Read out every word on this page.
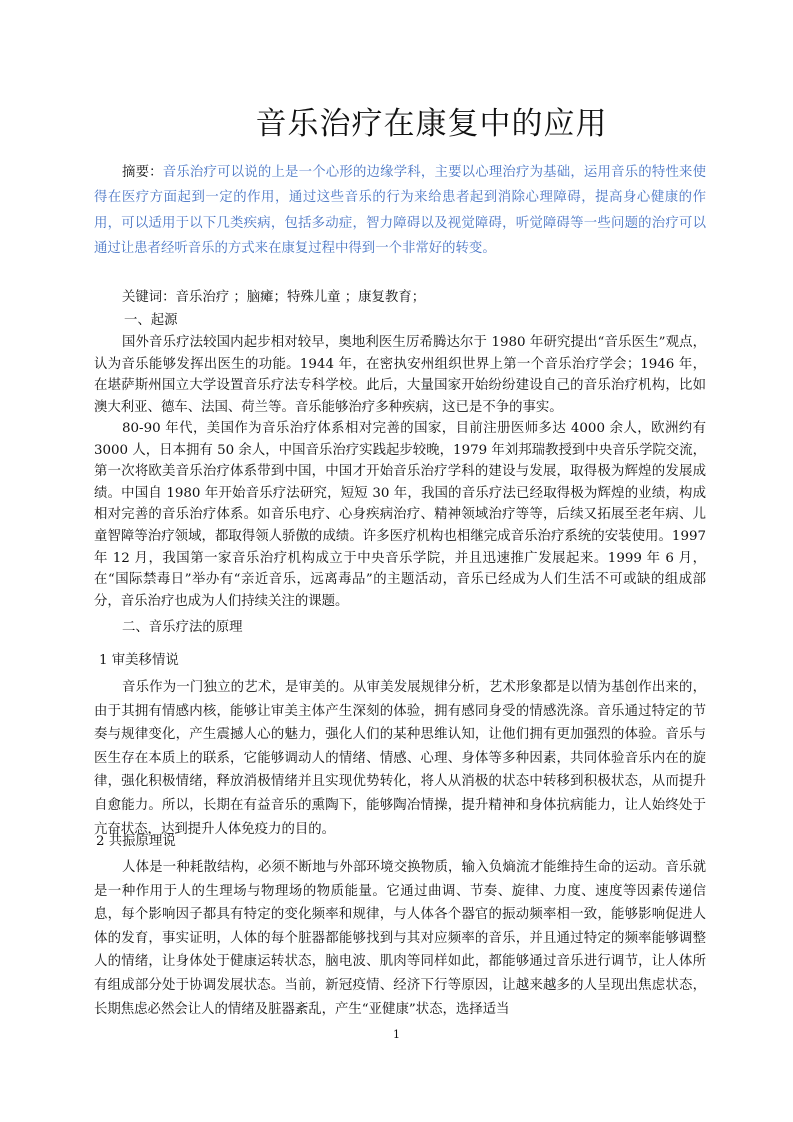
音乐治疗在康复中的应用
摘要：音乐治疗可以说的上是一个心形的边缘学科，主要以心理治疗为基础，运用音乐的特性来使得在医疗方面起到一定的作用，通过这些音乐的行为来给患者起到消除心理障碍，提高身心健康的作用，可以适用于以下几类疾病，包括多动症，智力障碍以及视觉障碍，听觉障碍等一些问题的治疗可以通过让患者经听音乐的方式来在康复过程中得到一个非常好的转变。
关键词：音乐治疗 ；脑瘫；特殊儿童 ；康复教育；
一、起源
国外音乐疗法较国内起步相对较早，奥地利医生厉希腾达尔于 1980 年研究提出“音乐医生”观点，认为音乐能够发挥出医生的功能。1944 年，在密执安州组织世界上第一个音乐治疗学会；1946 年，在堪萨斯州国立大学设置音乐疗法专科学校。此后，大量国家开始纷纷建设自己的音乐治疗机构，比如澳大利亚、德车、法国、荷兰等。音乐能够治疗多种疾病，这已是不争的事实。
80-90 年代，美国作为音乐治疗体系相对完善的国家，目前注册医师多达 4000 余人，欧洲约有 3000 人，日本拥有 50 余人，中国音乐治疗实践起步较晚，1979 年刘邦瑞教授到中央音乐学院交流，第一次将欧美音乐治疗体系带到中国，中国才开始音乐治疗学科的建设与发展，取得极为辉煌的发展成绩。中国自 1980 年开始音乐疗法研究，短短 30 年，我国的音乐疗法已经取得极为辉煌的业绩，构成相对完善的音乐治疗体系。如音乐电疗、心身疾病治疗、精神领域治疗等等，后续又拓展至老年病、儿童智障等治疗领域，都取得领人骄傲的成绩。许多医疗机构也相继完成音乐治疗系统的安装使用。1997 年 12 月，我国第一家音乐治疗机构成立于中央音乐学院，并且迅速推广发展起来。1999 年 6 月，在“国际禁毒日”举办有“亲近音乐，远离毒品”的主题活动，音乐已经成为人们生活不可或缺的组成部分，音乐治疗也成为人们持续关注的课题。
二、音乐疗法的原理
1 审美移情说
音乐作为一门独立的艺术，是审美的。从审美发展规律分析，艺术形象都是以情为基创作出来的，由于其拥有情感内核，能够让审美主体产生深刻的体验，拥有感同身受的情感洗涤。音乐通过特定的节奏与规律变化，产生震撼人心的魅力，强化人们的某种思维认知，让他们拥有更加强烈的体验。音乐与医生存在本质上的联系，它能够调动人的情绪、情感、心理、身体等多种因素，共同体验音乐内在的旋律，强化积极情绪，释放消极情绪并且实现优势转化，将人从消极的状态中转移到积极状态，从而提升自愈能力。所以，长期在有益音乐的熏陶下，能够陶冶情操，提升精神和身体抗病能力，让人始终处于亢奋状态，达到提升人体免疫力的目的。
2 共振原理说
人体是一种耗散结构，必须不断地与外部环境交换物质，输入负熵流才能维持生命的运动。音乐就是一种作用于人的生理场与物理场的物质能量。它通过曲调、节奏、旋律、力度、速度等因素传递信息，每个影响因子都具有特定的变化频率和规律，与人体各个器官的振动频率相一致，能够影响促进人体的发育，事实证明，人体的每个脏器都能够找到与其对应频率的音乐，并且通过特定的频率能够调整人的情绪，让身体处于健康运转状态，脑电波、肌肉等同样如此，都能够通过音乐进行调节，让人体所有组成部分处于协调发展状态。当前，新冠疫情、经济下行等原因，让越来越多的人呈现出焦虑状态，长期焦虑必然会让人的情绪及脏器紊乱，产生“亚健康”状态，选择适当
1
